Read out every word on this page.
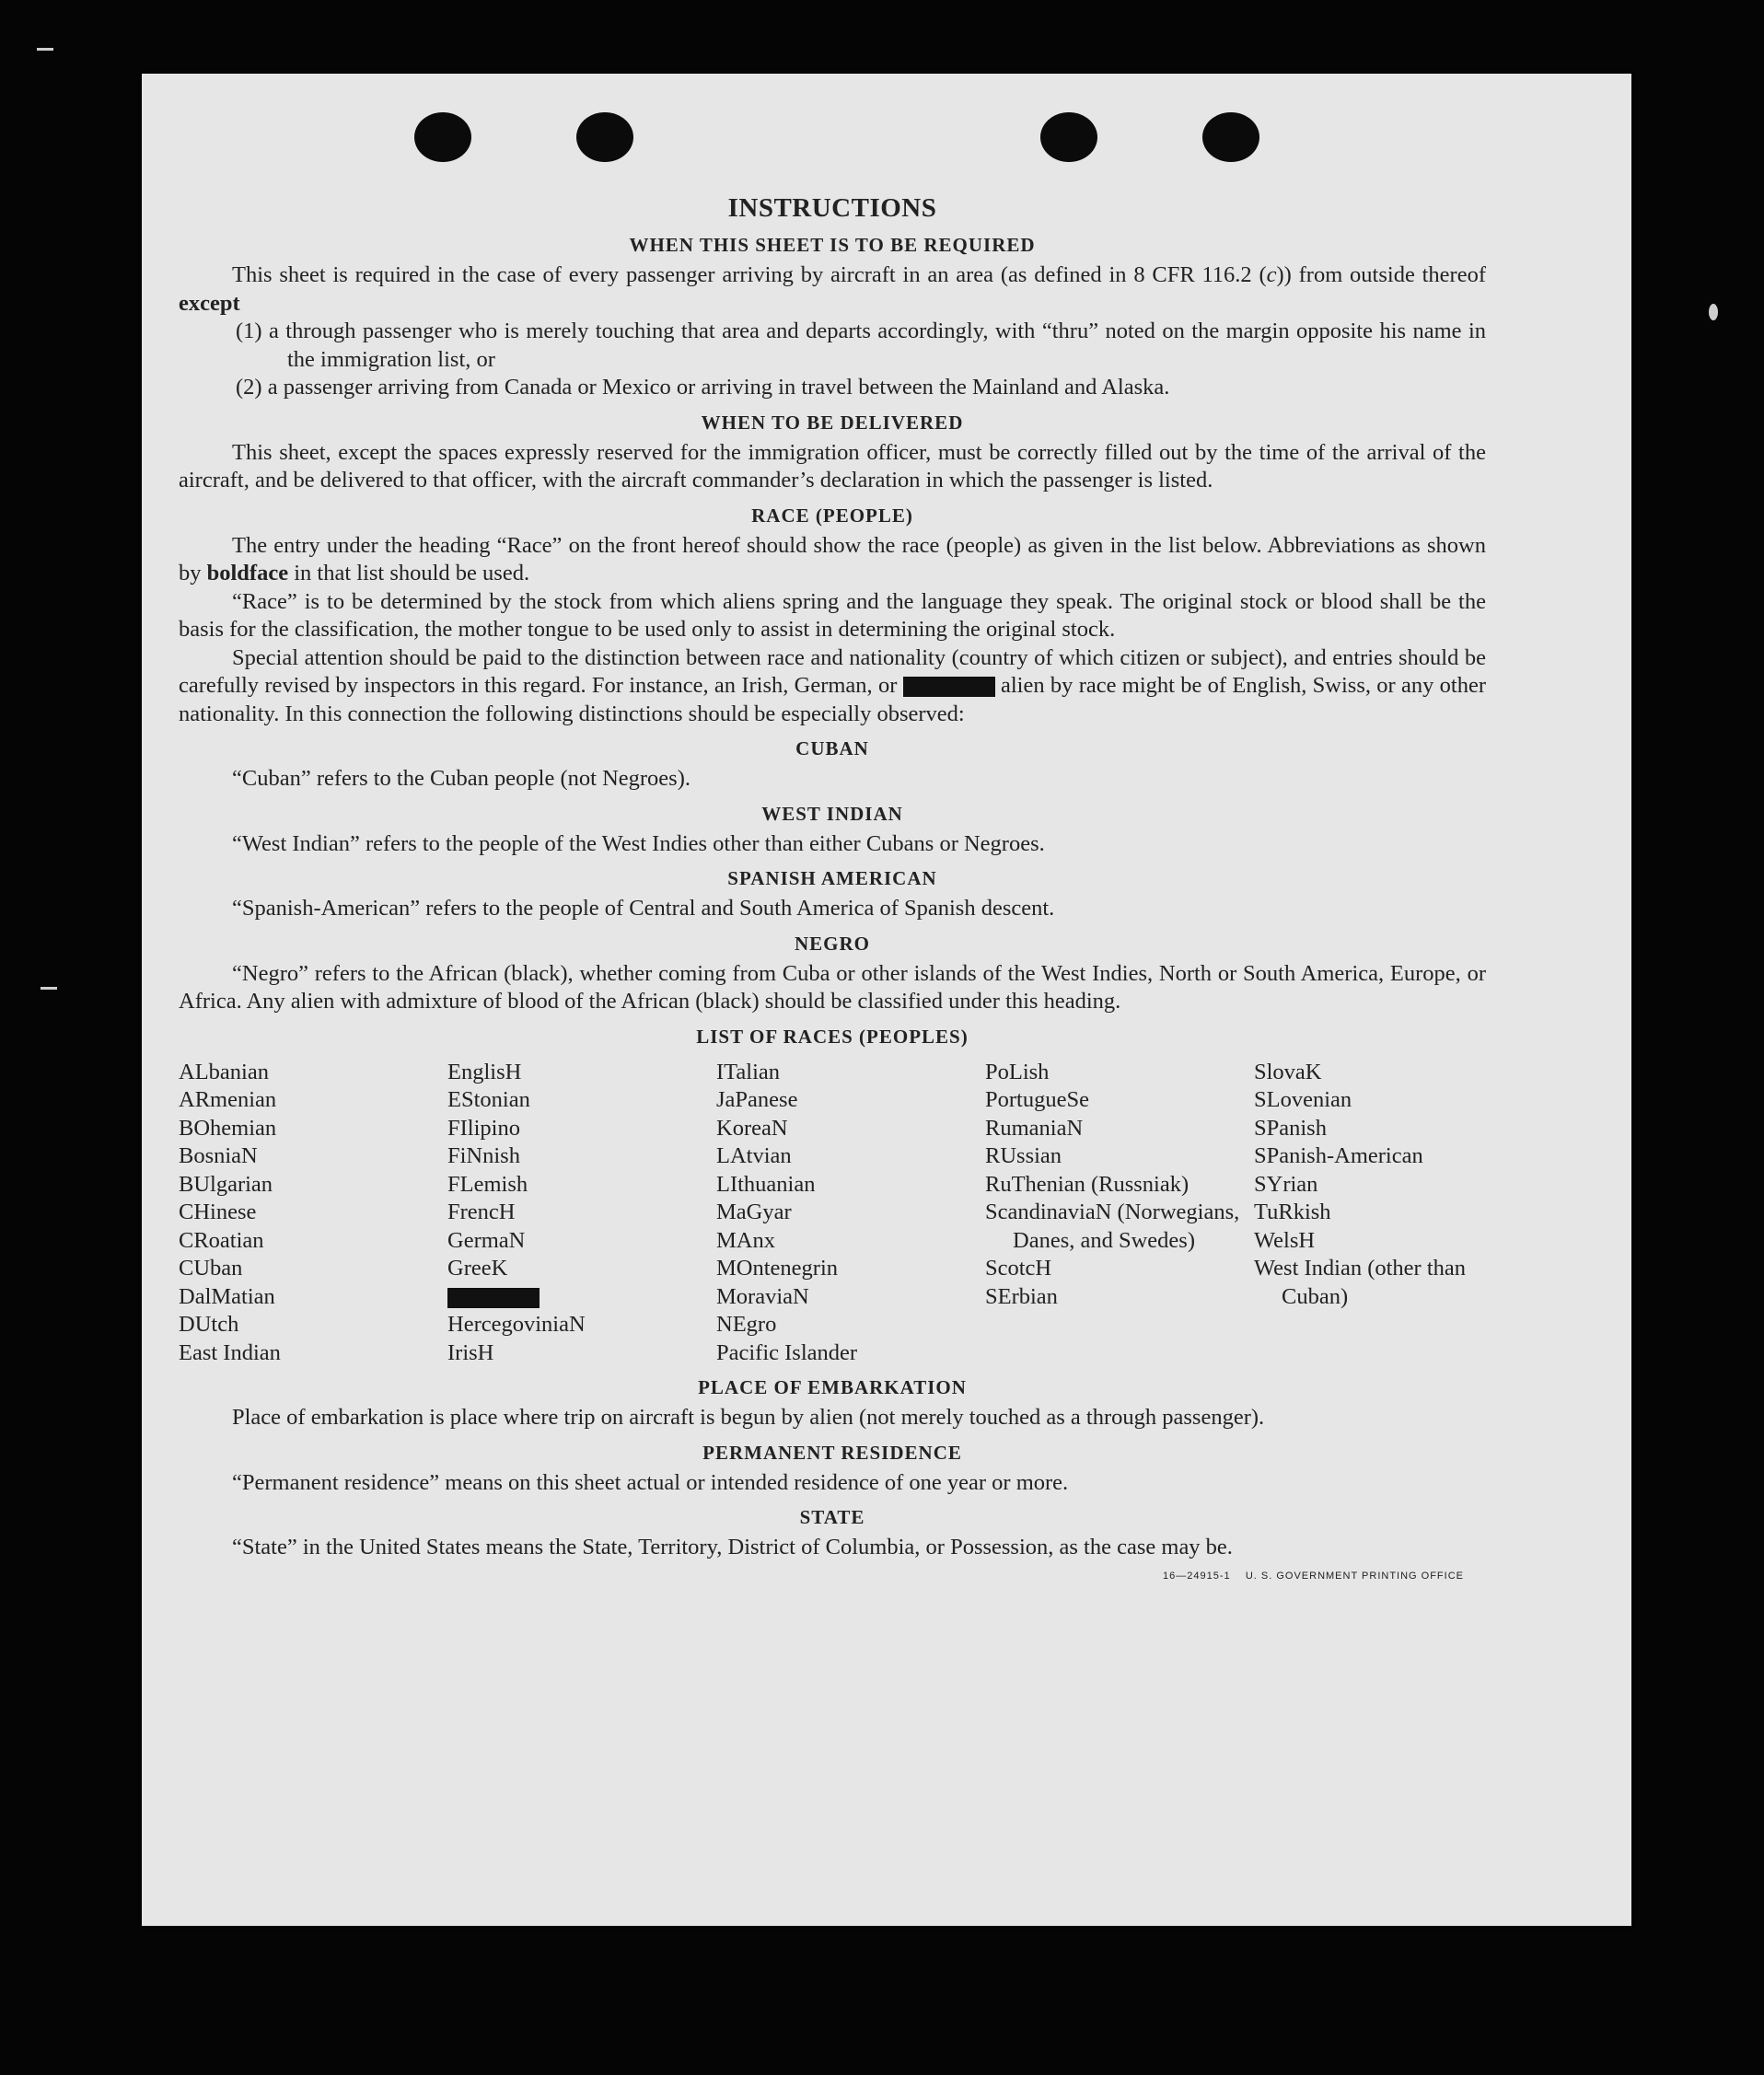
INSTRUCTIONS
WHEN THIS SHEET IS TO BE REQUIRED

This sheet is required in the case of every passenger arriving by aircraft in an area (as defined in 8 CFR 116.2 (c)) from outside thereof except

(1) a through passenger who is merely touching that area and departs accordingly, with “thru” noted on the margin opposite his name in the immigration list, or

(2) a passenger arriving from Canada or Mexico or arriving in travel between the Mainland and Alaska.

WHEN TO BE DELIVERED

This sheet, except the spaces expressly reserved for the immigration officer, must be correctly filled out by the time of the arrival of the aircraft, and be delivered to that officer, with the aircraft commander’s declaration in which the passenger is listed.

RACE (PEOPLE)

The entry under the heading “Race” on the front hereof should show the race (people) as given in the list below. Abbreviations as shown by boldface in that list should be used.

“Race” is to be determined by the stock from which aliens spring and the language they speak. The original stock or blood shall be the basis for the classification, the mother tongue to be used only to assist in determining the original stock.

Special attention should be paid to the distinction between race and nationality (country of which citizen or subject), and entries should be carefully revised by inspectors in this regard. For instance, an Irish, German, or	alien by race might be of English, Swiss, or any other nationality. In this connection the following distinctions should be especially observed:

CUBAN

“Cuban” refers to the Cuban people (not Negroes).

WEST INDIAN

“West Indian” refers to the people of the West Indies other than either Cubans or Negroes.

SPANISH AMERICAN

“Spanish-American” refers to the people of Central and South America of Spanish descent.

NEGRO

“Negro” refers to the African (black), whether coming from Cuba or other islands of the West Indies, North or South America, Europe, or Africa. Any alien with admixture of blood of the African (black) should be classified under this heading.

LIST OF RACES (PEOPLES)
ALbanian
ARmenian
BOhemian
BosniaN
BUlgarian
CHinese
CRoatian
CUban
DalMatian
DUtch
East Indian
EnglisH
EStonian
FIlipino
FiNnish
FLemish
FrencH
GermaN
GreeK
HercegoviniaN
IrisH
ITalian
JaPanese
KoreaN
LAtvian
LIthuanian
MaGyar
MAnx
MOntenegrin
MoraviaN
NEgro
Pacific Islander
PoLish
PortugueSe
RumaniaN
RUssian
RuThenian (Russniak)
ScandinaviaN (Norwegians, Danes, and Swedes)
ScotcH
SErbian
SlovaK
SLovenian
SPanish
SPanish-American
SYrian
TuRkish
WelsH
West Indian (other than Cuban)
PLACE OF EMBARKATION

Place of embarkation is place where trip on aircraft is begun by alien (not merely touched as a through passenger).

PERMANENT RESIDENCE

“Permanent residence” means on this sheet actual or intended residence of one year or more.

STATE

“State” in the United States means the State, Territory, District of Columbia, or Possession, as the case may be.

16—24915-1 U. S. GOVERNMENT PRINTING OFFICE
